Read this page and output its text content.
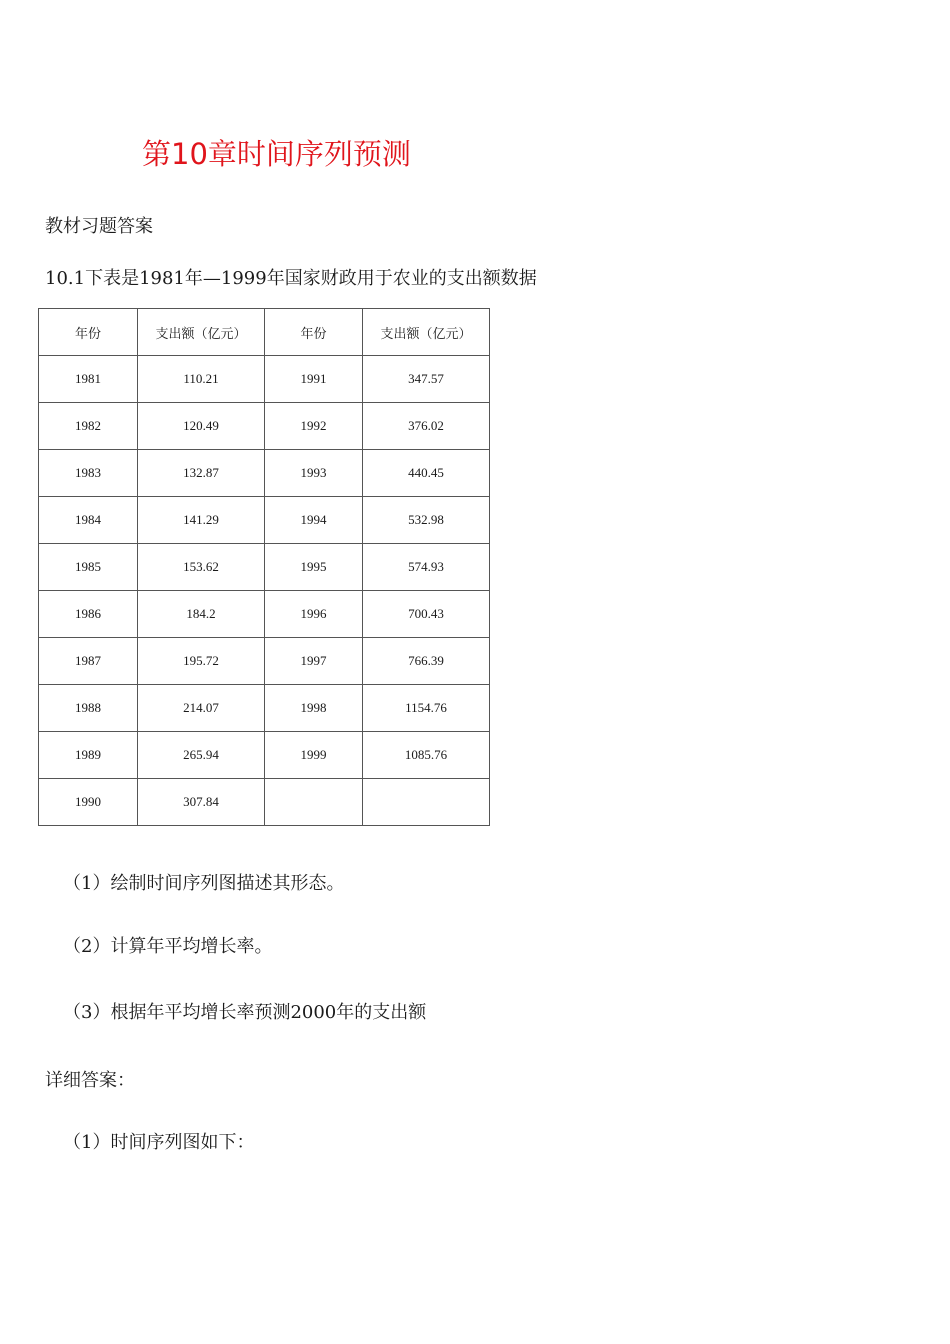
第10章时间序列预测
教材习题答案
10.1下表是1981年—1999年国家财政用于农业的支出额数据
年份	支出额（亿元）	年份	支出额（亿元）
1981	110.21	1991	347.57
1982	120.49	1992	376.02
1983	132.87	1993	440.45
1984	141.29	1994	532.98
1985	153.62	1995	574.93
1986	184.2	1996	700.43
1987	195.72	1997	766.39
1988	214.07	1998	1154.76
1989	265.94	1999	1085.76
1990	307.84		
（1）绘制时间序列图描述其形态。
（2）计算年平均增长率。
（3）根据年平均增长率预测2000年的支出额
详细答案：
（1）时间序列图如下：
